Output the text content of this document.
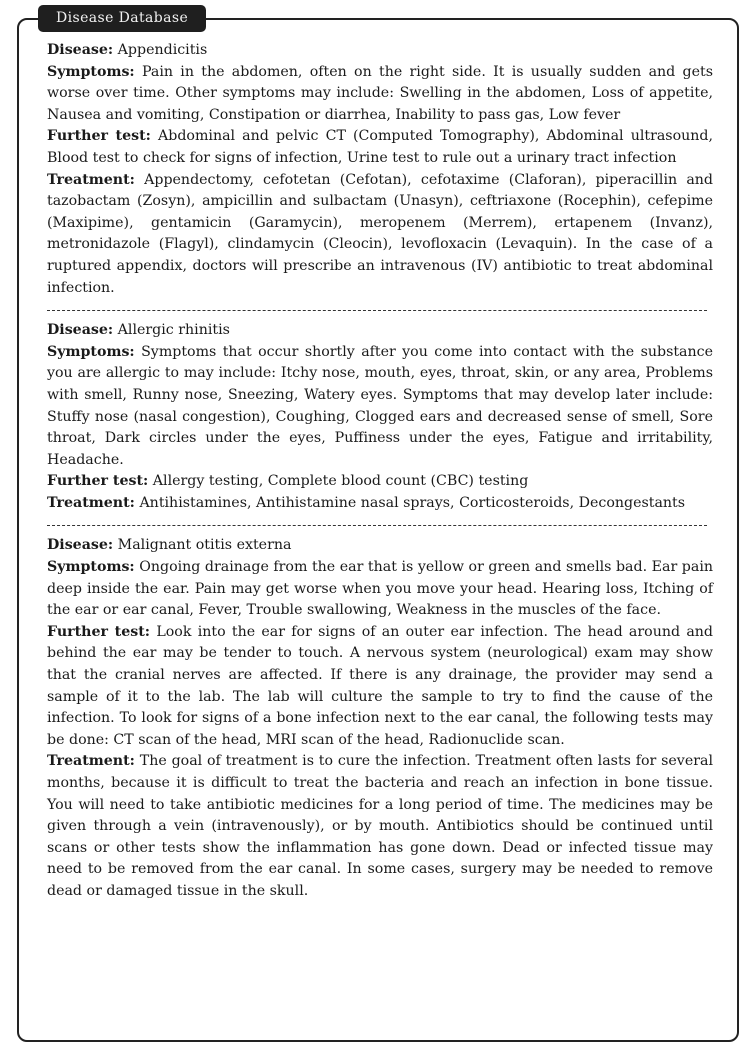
Disease Database

Disease: Appendicitis

Symptoms: Pain in the abdomen, often on the right side. It is usually sudden and gets worse over time. Other symptoms may include: Swelling in the abdomen, Loss of appetite, Nausea and vomiting, Constipation or diarrhea, Inability to pass gas, Low fever

Further test: Abdominal and pelvic CT (Computed Tomography), Abdominal ultrasound, Blood test to check for signs of infection, Urine test to rule out a urinary tract infection

Treatment: Appendectomy, cefotetan (Cefotan), cefotaxime (Claforan), piperacillin and tazobactam (Zosyn), ampicillin and sulbactam (Unasyn), ceftriaxone (Rocephin), cefepime (Maxipime), gentamicin (Garamycin), meropenem (Merrem), ertapenem (Invanz), metronidazole (Flagyl), clindamycin (Cleocin), levofloxacin (Levaquin). In the case of a ruptured appendix, doctors will prescribe an intravenous (IV) antibiotic to treat abdominal infection.

Disease: Allergic rhinitis

Symptoms: Symptoms that occur shortly after you come into contact with the substance you are allergic to may include: Itchy nose, mouth, eyes, throat, skin, or any area, Problems with smell, Runny nose, Sneezing, Watery eyes. Symptoms that may develop later include: Stuffy nose (nasal congestion), Coughing, Clogged ears and decreased sense of smell, Sore throat, Dark circles under the eyes, Puffiness under the eyes, Fatigue and irritability, Headache.

Further test: Allergy testing, Complete blood count (CBC) testing

Treatment: Antihistamines, Antihistamine nasal sprays, Corticosteroids, Decongestants

Disease: Malignant otitis externa

Symptoms: Ongoing drainage from the ear that is yellow or green and smells bad. Ear pain deep inside the ear. Pain may get worse when you move your head. Hearing loss, Itching of the ear or ear canal, Fever, Trouble swallowing, Weakness in the muscles of the face.

Further test: Look into the ear for signs of an outer ear infection. The head around and behind the ear may be tender to touch. A nervous system (neurological) exam may show that the cranial nerves are affected. If there is any drainage, the provider may send a sample of it to the lab. The lab will culture the sample to try to find the cause of the infection. To look for signs of a bone infection next to the ear canal, the following tests may be done: CT scan of the head, MRI scan of the head, Radionuclide scan.

Treatment: The goal of treatment is to cure the infection. Treatment often lasts for several months, because it is difficult to treat the bacteria and reach an infection in bone tissue. You will need to take antibiotic medicines for a long period of time. The medicines may be given through a vein (intravenously), or by mouth. Antibiotics should be continued until scans or other tests show the inflammation has gone down. Dead or infected tissue may need to be removed from the ear canal. In some cases, surgery may be needed to remove dead or damaged tissue in the skull.
